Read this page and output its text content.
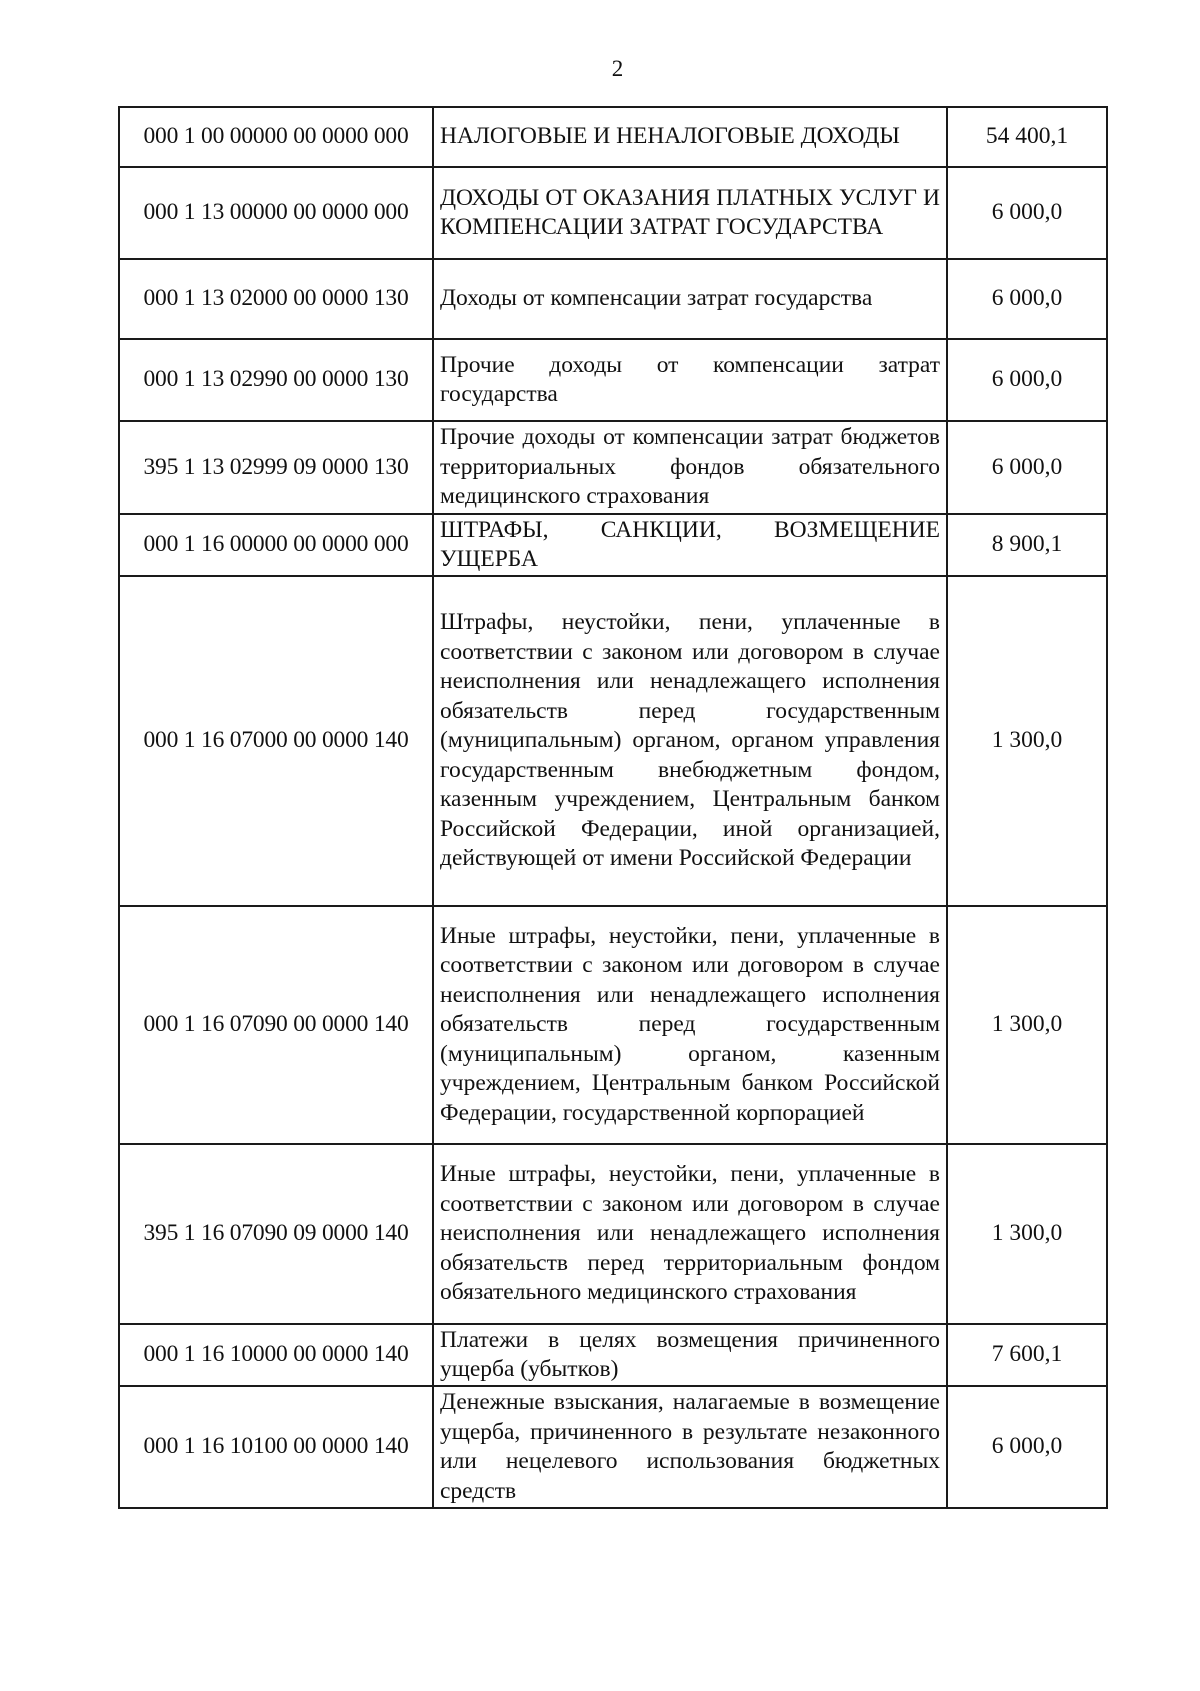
2
000 1 00 00000 00 0000 000	НАЛОГОВЫЕ И НЕНАЛОГОВЫЕ ДОХОДЫ	54 400,1
000 1 13 00000 00 0000 000	ДОХОДЫ ОТ ОКАЗАНИЯ ПЛАТНЫХ УСЛУГ И КОМПЕНСАЦИИ ЗАТРАТ ГОСУДАРСТВА	6 000,0
000 1 13 02000 00 0000 130	Доходы от компенсации затрат государства	6 000,0
000 1 13 02990 00 0000 130	Прочие доходы от компенсации затрат государства	6 000,0
395 1 13 02999 09 0000 130	Прочие доходы от компенсации затрат бюджетов территориальных фондов обязательного медицинского страхования	6 000,0
000 1 16 00000 00 0000 000	ШТРАФЫ, САНКЦИИ, ВОЗМЕЩЕНИЕ УЩЕРБА	8 900,1
000 1 16 07000 00 0000 140	Штрафы, неустойки, пени, уплаченные в соответствии с законом или договором в случае неисполнения или ненадлежащего исполнения обязательств перед государственным (муниципальным) органом, органом управления государственным внебюджетным фондом, казенным учреждением, Центральным банком Российской Федерации, иной организацией, действующей от имени Российской Федерации	1 300,0
000 1 16 07090 00 0000 140	Иные штрафы, неустойки, пени, уплаченные в соответствии с законом или договором в случае неисполнения или ненадлежащего исполнения обязательств перед государственным (муниципальным) органом, казенным учреждением, Центральным банком Российской Федерации, государственной корпорацией	1 300,0
395 1 16 07090 09 0000 140	Иные штрафы, неустойки, пени, уплаченные в соответствии с законом или договором в случае неисполнения или ненадлежащего исполнения обязательств перед территориальным фондом обязательного медицинского страхования	1 300,0
000 1 16 10000 00 0000 140	Платежи в целях возмещения причиненного ущерба (убытков)	7 600,1
000 1 16 10100 00 0000 140	Денежные взыскания, налагаемые в возмещение ущерба, причиненного в результате незаконного или нецелевого использования бюджетных средств	6 000,0
